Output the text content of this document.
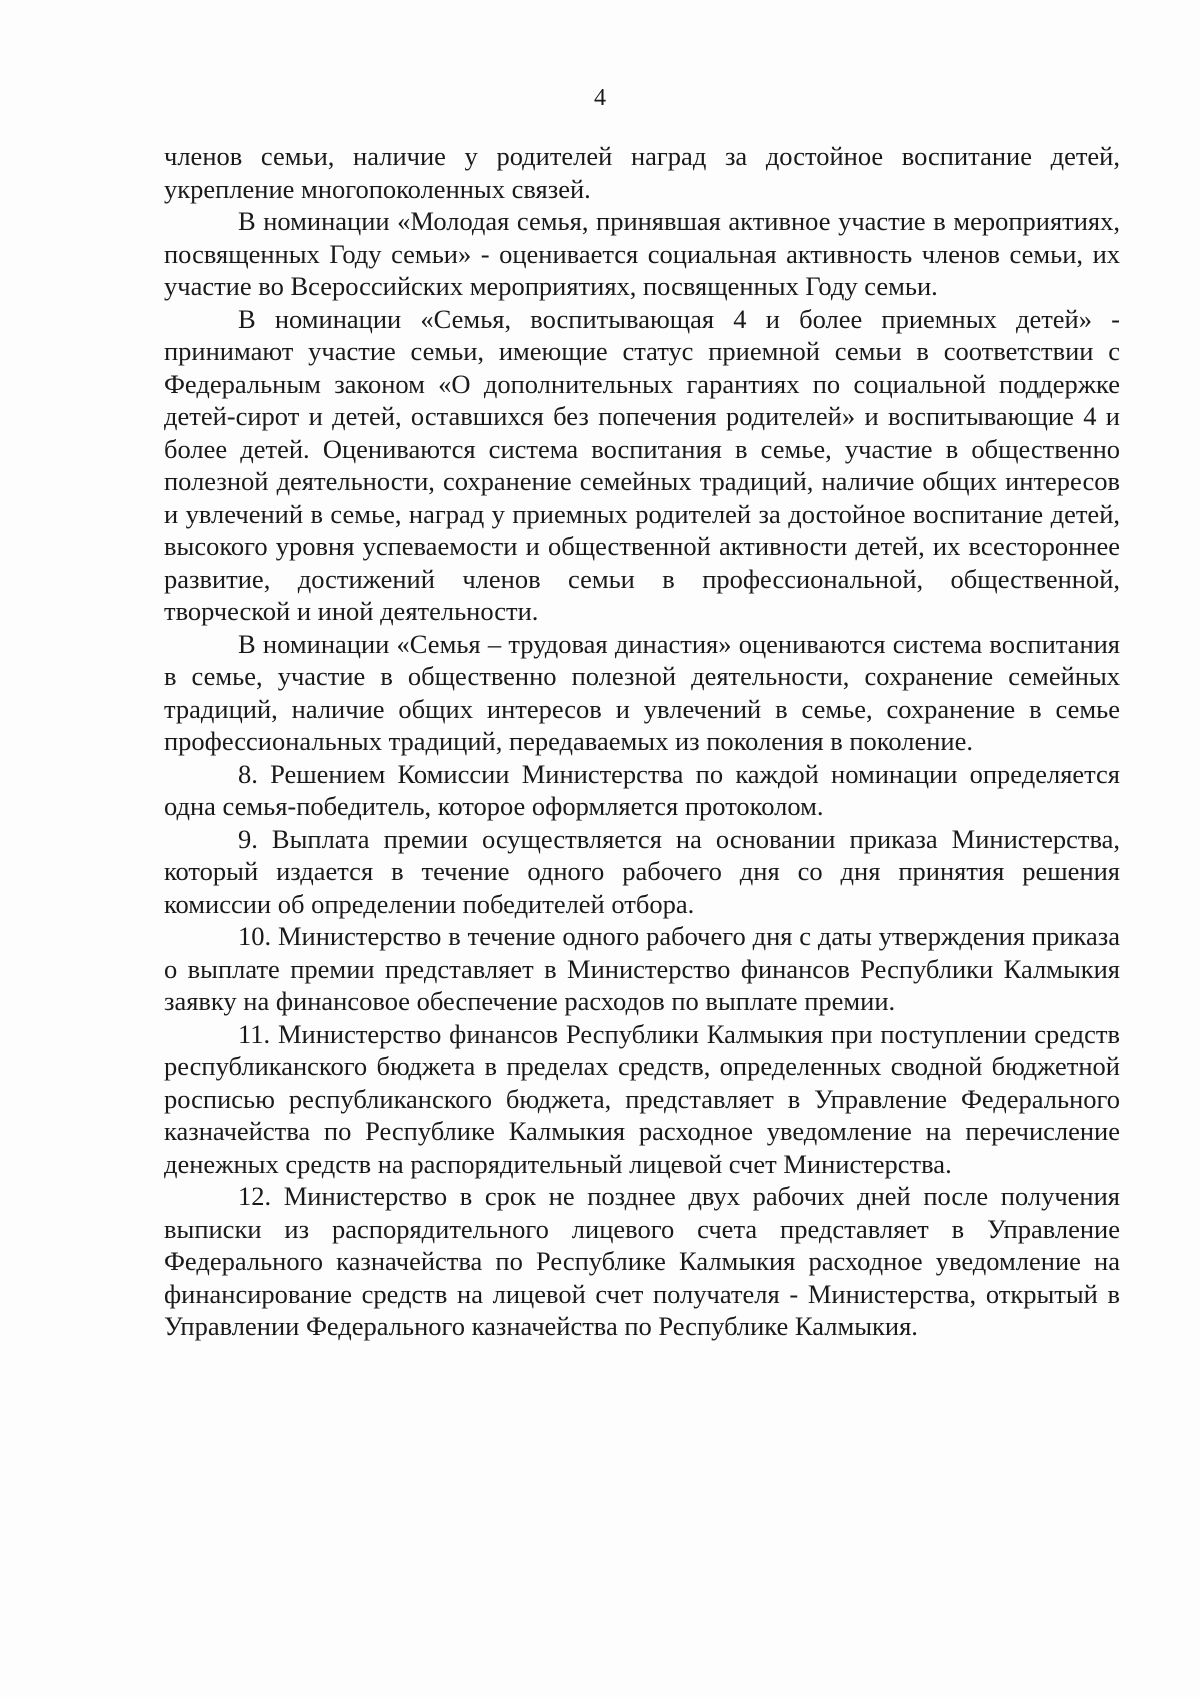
4

членов семьи, наличие у родителей наград за достойное воспитание детей, укрепление многопоколенных связей.

В номинации «Молодая семья, принявшая активное участие в мероприятиях, посвященных Году семьи» - оценивается социальная активность членов семьи, их участие во Всероссийских мероприятиях, посвященных Году семьи.

В номинации «Семья, воспитывающая 4 и более приемных детей» - принимают участие семьи, имеющие статус приемной семьи в соответствии с Федеральным законом «О дополнительных гарантиях по социальной поддержке детей-сирот и детей, оставшихся без попечения родителей» и воспитывающие 4 и более детей. Оцениваются система воспитания в семье, участие в общественно полезной деятельности, сохранение семейных традиций, наличие общих интересов и увлечений в семье, наград у приемных родителей за достойное воспитание детей, высокого уровня успеваемости и общественной активности детей, их всестороннее развитие, достижений членов семьи в профессиональной, общественной, творческой и иной деятельности.

В номинации «Семья – трудовая династия» оцениваются система воспитания в семье, участие в общественно полезной деятельности, сохранение семейных традиций, наличие общих интересов и увлечений в семье, сохранение в семье профессиональных традиций, передаваемых из поколения в поколение.

8. Решением Комиссии Министерства по каждой номинации определяется одна семья-победитель, которое оформляется протоколом.

9. Выплата премии осуществляется на основании приказа Министерства, который издается в течение одного рабочего дня со дня принятия решения комиссии об определении победителей отбора.

10. Министерство в течение одного рабочего дня с даты утверждения приказа о выплате премии представляет в Министерство финансов Республики Калмыкия заявку на финансовое обеспечение расходов по выплате премии.

11. Министерство финансов Республики Калмыкия при поступлении средств республиканского бюджета в пределах средств, определенных сводной бюджетной росписью республиканского бюджета, представляет в Управление Федерального казначейства по Республике Калмыкия расходное уведомление на перечисление денежных средств на распорядительный лицевой счет Министерства.

12. Министерство в срок не позднее двух рабочих дней после получения выписки из распорядительного лицевого счета представляет в Управление Федерального казначейства по Республике Калмыкия расходное уведомление на финансирование средств на лицевой счет получателя - Министерства, открытый в Управлении Федерального казначейства по Республике Калмыкия.
